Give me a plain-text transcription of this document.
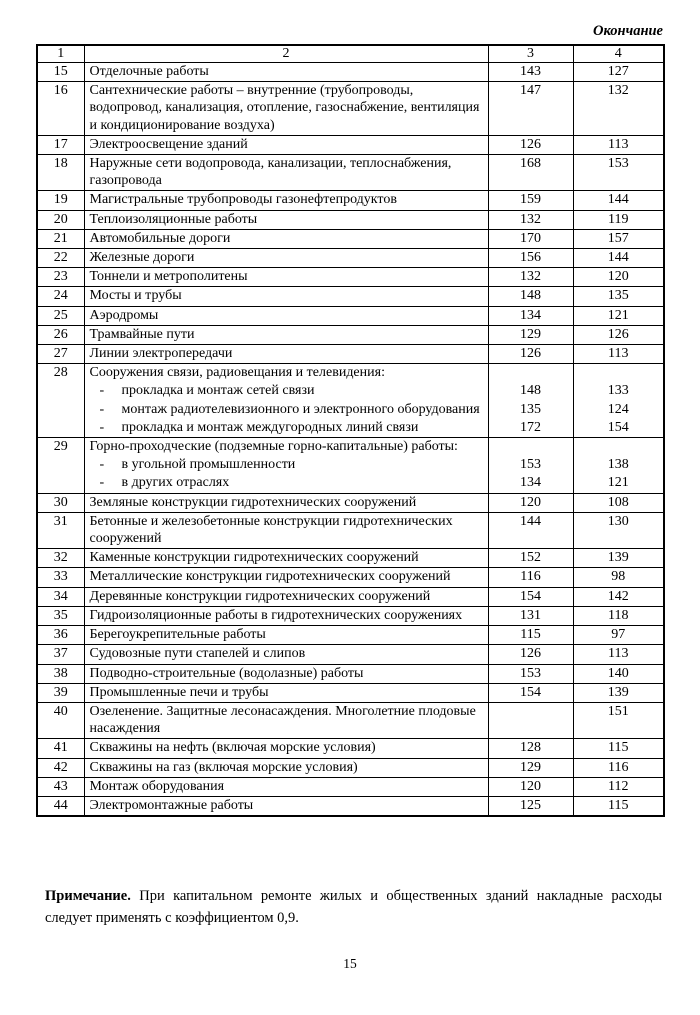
Окончание
1	2	3	4
15	Отделочные работы	143	127
16	Сантехнические работы – внутренние (трубопроводы, водопровод, канализация, отопление, газоснабжение, вентиляция и кондиционирование воздуха)	147	132
17	Электроосвещение зданий	126	113
18	Наружные сети водопровода, канализации, теплоснабжения, газопровода	168	153
19	Магистральные трубопроводы газонефтепродуктов	159	144
20	Теплоизоляционные работы	132	119
21	Автомобильные дороги	170	157
22	Железные дороги	156	144
23	Тоннели и метрополитены	132	120
24	Мосты и трубы	148	135
25	Аэродромы	134	121
26	Трамвайные пути	129	126
27	Линии электропередачи	126	113
28	Сооружения связи, радиовещания и телевидения:		
	- прокладка и монтаж сетей связи	148	133
	- монтаж радиотелевизионного и электронного оборудования	135	124
	- прокладка и монтаж междугородных линий связи	172	154
29	Горно-проходческие (подземные горно-капитальные) работы:		
	- в угольной промышленности	153	138
	- в других отраслях	134	121
30	Земляные конструкции гидротехнических сооружений	120	108
31	Бетонные и железобетонные конструкции гидротехнических сооружений	144	130
32	Каменные конструкции гидротехнических сооружений	152	139
33	Металлические конструкции гидротехнических сооружений	116	98
34	Деревянные конструкции гидротехнических сооружений	154	142
35	Гидроизоляционные работы в гидротехнических сооружениях	131	118
36	Берегоукрепительные работы	115	97
37	Судовозные пути стапелей и слипов	126	113
38	Подводно-строительные (водолазные) работы	153	140
39	Промышленные печи и трубы	154	139
40	Озеленение. Защитные лесонасаждения. Многолетние плодовые насаждения		151
41	Скважины на нефть (включая морские условия)	128	115
42	Скважины на газ (включая морские условия)	129	116
43	Монтаж оборудования	120	112
44	Электромонтажные работы	125	115
Примечание. При капитальном ремонте жилых и общественных зданий накладные расходы следует применять с коэффициентом 0,9.
15
